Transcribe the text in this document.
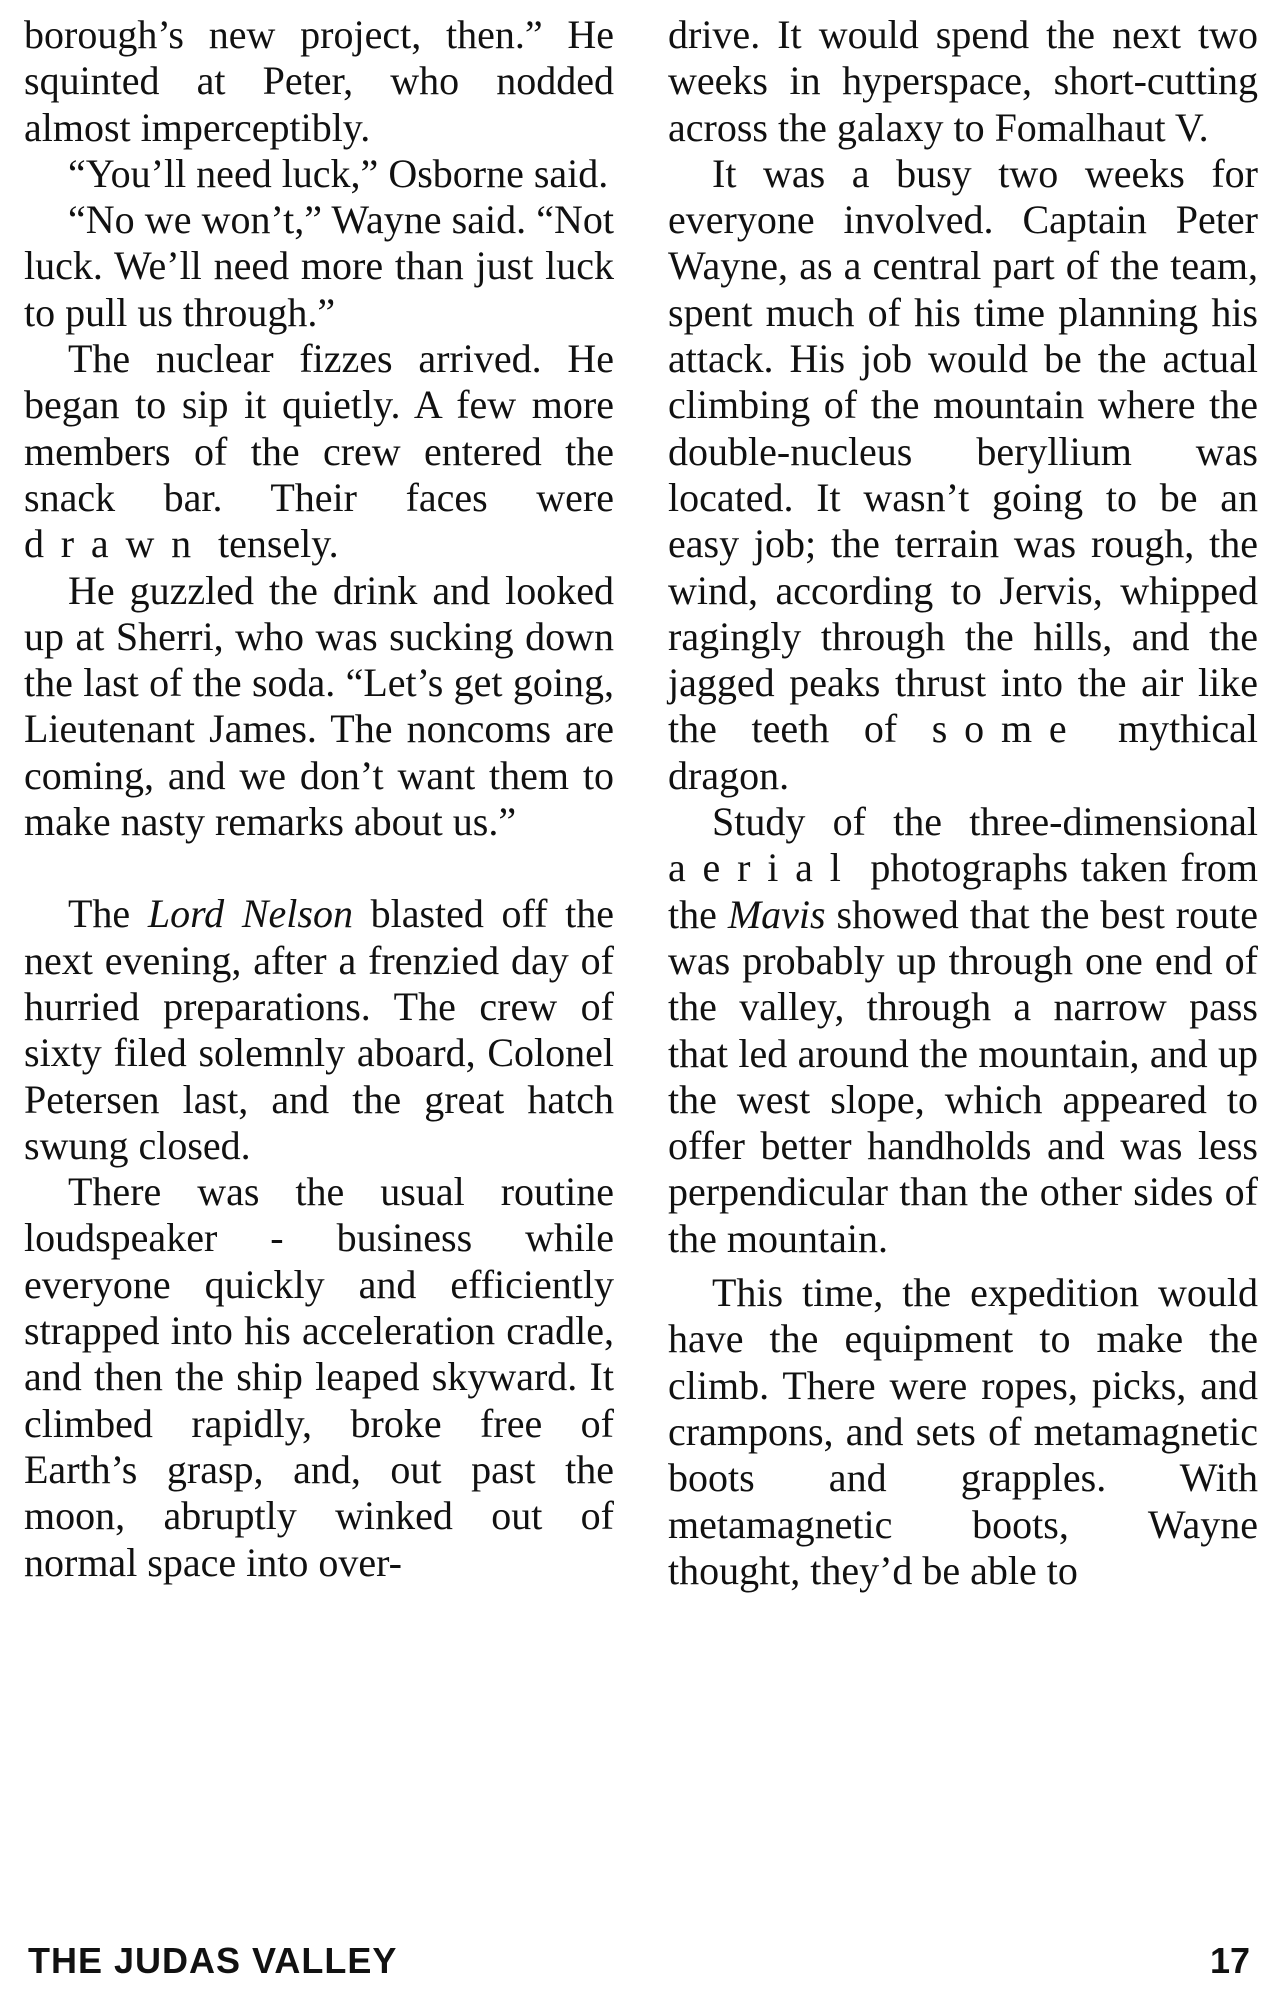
borough’s new project, then.” He squinted at Peter, who nodded almost imperceptibly.

“You’ll need luck,” Osborne said.

“No we won’t,” Wayne said. “Not luck. We’ll need more than just luck to pull us through.”

The nuclear fizzes arrived. He began to sip it quietly. A few more members of the crew entered the snack bar. Their faces were drawn tensely.

He guzzled the drink and looked up at Sherri, who was sucking down the last of the soda. “Let’s get going, Lieutenant James. The noncoms are coming, and we don’t want them to make nasty remarks about us.”

The Lord Nelson blasted off the next evening, after a frenzied day of hurried preparations. The crew of sixty filed solemnly aboard, Colonel Petersen last, and the great hatch swung closed.

There was the usual routine loudspeaker - business while everyone quickly and efficiently strapped into his acceleration cradle, and then the ship leaped skyward. It climbed rapidly, broke free of Earth’s grasp, and, out past the moon, abruptly winked out of normal space into over-

drive. It would spend the next two weeks in hyperspace, short-cutting across the galaxy to Fomalhaut V.

It was a busy two weeks for everyone involved. Captain Peter Wayne, as a central part of the team, spent much of his time planning his attack. His job would be the actual climbing of the mountain where the double-nucleus beryllium was located. It wasn’t going to be an easy job; the terrain was rough, the wind, according to Jervis, whipped ragingly through the hills, and the jagged peaks thrust into the air like the teeth of some mythical dragon.

Study of the three-dimensional aerial photographs taken from the Mavis showed that the best route was probably up through one end of the valley, through a narrow pass that led around the mountain, and up the west slope, which appeared to offer better handholds and was less perpendicular than the other sides of the mountain.

This time, the expedition would have the equipment to make the climb. There were ropes, picks, and crampons, and sets of metamagnetic boots and grapples. With metamagnetic boots, Wayne thought, they’d be able to

THE JUDAS VALLEY	17
